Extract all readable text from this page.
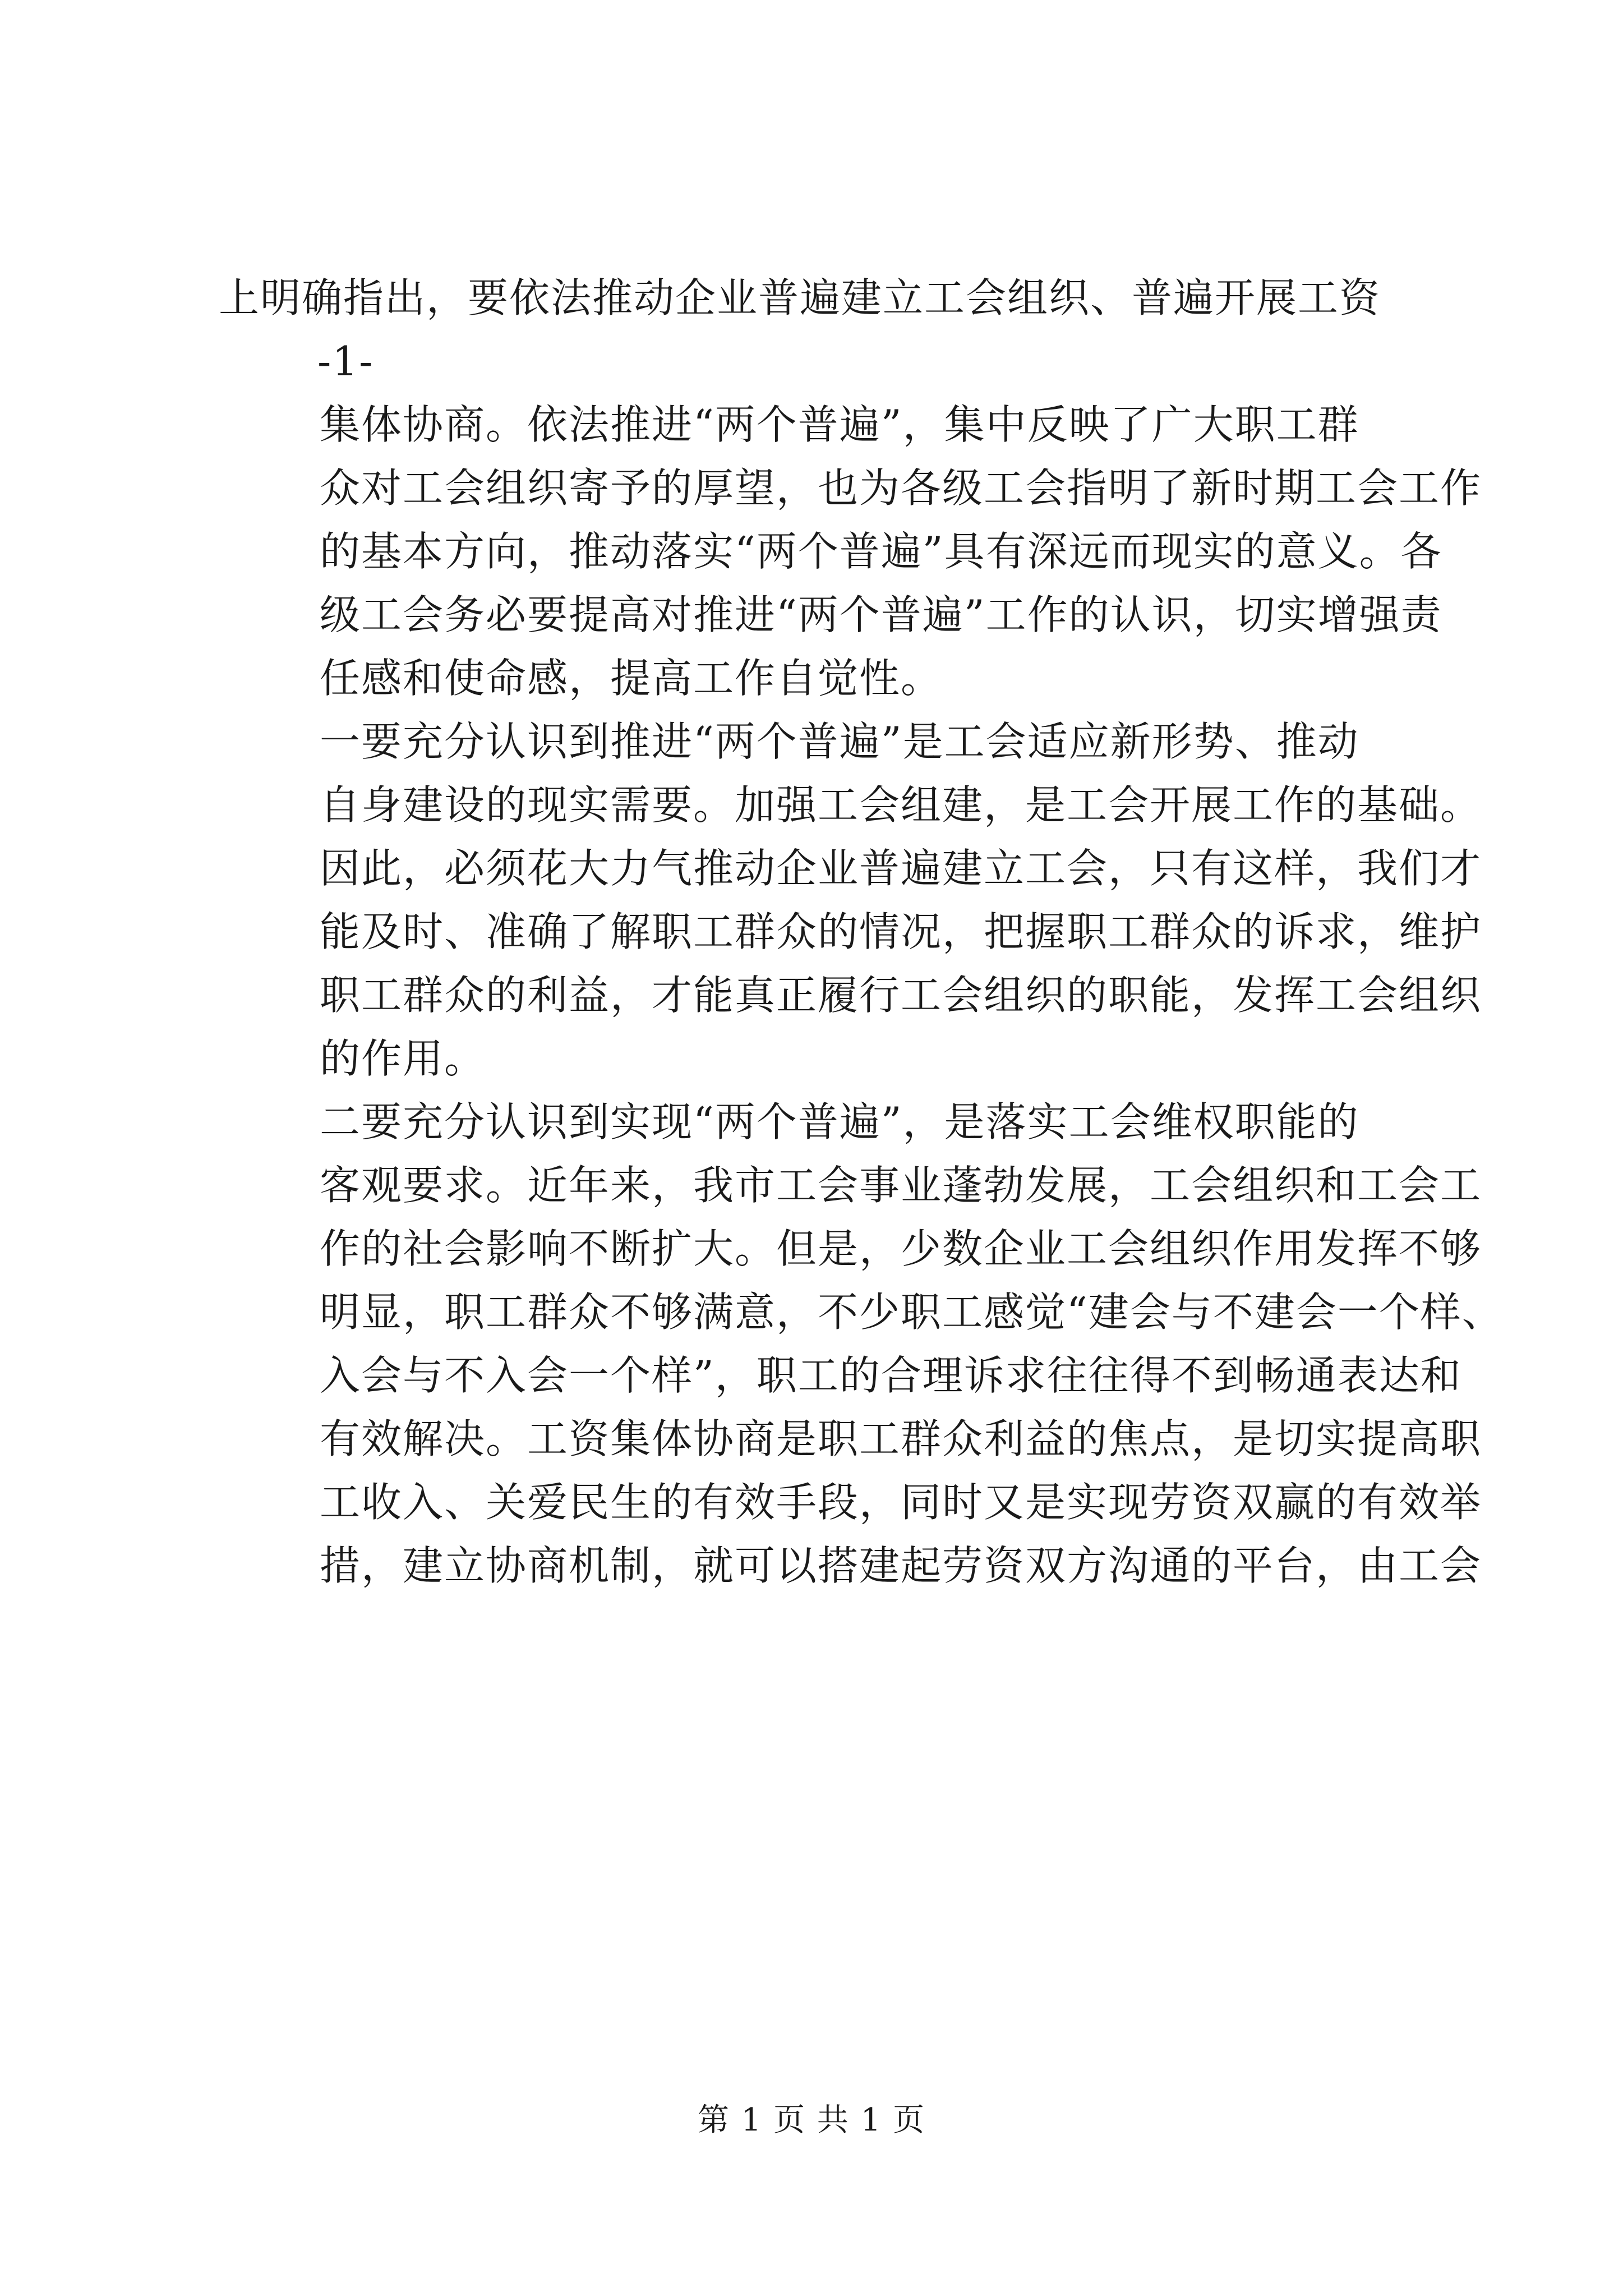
上明确指出，要依法推动企业普遍建立工会组织、普遍开展工资
-1-
集体协商。依法推进“两个普遍”，集中反映了广大职工群
众对工会组织寄予的厚望，也为各级工会指明了新时期工会工作
的基本方向，推动落实“两个普遍”具有深远而现实的意义。各
级工会务必要提高对推进“两个普遍”工作的认识，切实增强责
任感和使命感，提高工作自觉性。
一要充分认识到推进“两个普遍”是工会适应新形势、推动
自身建设的现实需要。加强工会组建，是工会开展工作的基础。
因此，必须花大力气推动企业普遍建立工会，只有这样，我们才
能及时、准确了解职工群众的情况，把握职工群众的诉求，维护
职工群众的利益，才能真正履行工会组织的职能，发挥工会组织
的作用。
二要充分认识到实现“两个普遍”，是落实工会维权职能的
客观要求。近年来，我市工会事业蓬勃发展，工会组织和工会工
作的社会影响不断扩大。但是，少数企业工会组织作用发挥不够
明显，职工群众不够满意，不少职工感觉“建会与不建会一个样、
入会与不入会一个样”，职工的合理诉求往往得不到畅通表达和
有效解决。工资集体协商是职工群众利益的焦点，是切实提高职
工收入、关爱民生的有效手段，同时又是实现劳资双赢的有效举
措，建立协商机制，就可以搭建起劳资双方沟通的平台，由工会
第 1 页 共 1 页
